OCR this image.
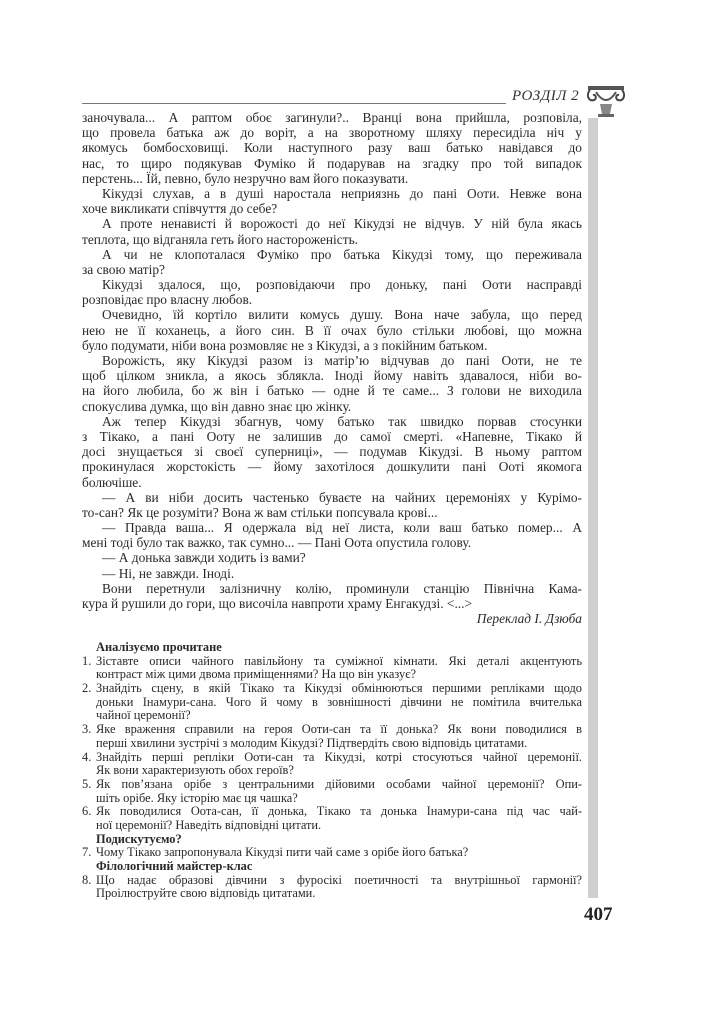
РОЗДІЛ 2
заночувала... А раптом обоє загинули?.. Вранці вона прийшла, розповіла,
що провела батька аж до воріт, а на зворотному шляху пересиділа ніч у
якомусь бомбосховищі. Коли наступного разу ваш батько навідався до
нас, то щиро подякував Фуміко й подарував на згадку про той випадок
перстень... Їй, певно, було незручно вам його показувати.
Кікудзі слухав, а в душі наростала неприязнь до пані Ооти. Невже вона
хоче викликати співчуття до себе?
А проте ненависті й ворожості до неї Кікудзі не відчув. У ній була якась
теплота, що відганяла геть його настороженість.
А чи не клопоталася Фуміко про батька Кікудзі тому, що переживала
за свою матір?
Кікудзі здалося, що, розповідаючи про доньку, пані Ооти насправді
розповідає про власну любов.
Очевидно, їй кортіло вилити комусь душу. Вона наче забула, що перед
нею не її коханець, а його син. В її очах було стільки любові, що можна
було подумати, ніби вона розмовляє не з Кікудзі, а з покійним батьком.
Ворожість, яку Кікудзі разом із матір’ю відчував до пані Ооти, не те
щоб цілком зникла, а якось зблякла. Іноді йому навіть здавалося, ніби во-
на його любила, бо ж він і батько — одне й те саме... З голови не виходила
спокуслива думка, що він давно знає цю жінку.
Аж тепер Кікудзі збагнув, чому батько так швидко порвав стосунки
з Тікако, а пані Ооту не залишив до самої смерті. «Напевне, Тікако й
досі знущається зі своєї суперниці», — подумав Кікудзі. В ньому раптом
прокинулася жорстокість — йому захотілося дошкулити пані Ооті якомога
болючіше.
— А ви ніби досить частенько буваєте на чайних церемоніях у Курімо-
то-сан? Як це розуміти? Вона ж вам стільки попсувала крові...
— Правда ваша... Я одержала від неї листа, коли ваш батько помер... А
мені тоді було так важко, так сумно... — Пані Оота опустила голову.
— А донька завжди ходить із вами?
— Ні, не завжди. Іноді.
Вони перетнули залізничну колію, проминули станцію Північна Кама-
кура й рушили до гори, що височіла навпроти храму Енгакудзі. <...>
Переклад І. Дзюба
Аналізуємо прочитане
1. Зіставте описи чайного павільйону та суміжної кімнати. Які деталі акцентують
контраст між цими двома приміщеннями? На що він указує?
2. Знайдіть сцену, в якій Тікако та Кікудзі обмінюються першими репліками щодо
доньки Інамури-сана. Чого й чому в зовнішності дівчини не помітила вчителька
чайної церемонії?
3. Яке враження справили на героя Ооти-сан та її донька? Як вони поводилися в
перші хвилини зустрічі з молодим Кікудзі? Підтвердіть свою відповідь цитатами.
4. Знайдіть перші репліки Ооти-сан та Кікудзі, котрі стосуються чайної церемонії.
Як вони характеризують обох героїв?
5. Як пов’язана орібе з центральними дійовими особами чайної церемонії? Опи-
шіть орібе. Яку історію має ця чашка?
6. Як поводилися Оота-сан, її донька, Тікако та донька Інамури-сана під час чай-
ної церемонії? Наведіть відповідні цитати.
Подискутуємо?
7. Чому Тікако запропонувала Кікудзі пити чай саме з орібе його батька?
Філологічний майстер-клас
8. Що надає образові дівчини з фуросікі поетичності та внутрішньої гармонії?
Проілюструйте свою відповідь цитатами.
407
